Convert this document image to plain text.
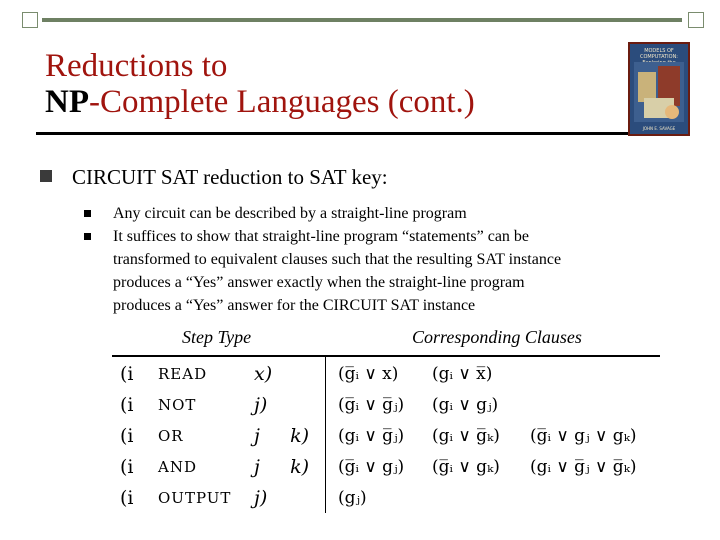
Reductions to
NP-Complete Languages (cont.)
MODELS OF COMPUTATION:
JOHN E. SAVAGE
CIRCUIT SAT reduction to SAT key:
Any circuit can be described by a straight-line program
It suffices to show that straight-line program “statements” can be
transformed to equivalent clauses such that the resulting SAT instance
produces a “Yes” answer exactly when the straight-line program
produces a “Yes” answer for the CIRCUIT SAT instance
Step Type	Corresponding Clauses
(i READ x)	(g̅ᵢ ∨ x) (gᵢ ∨ x̅)
(i NOT	j)	(g̅ᵢ ∨ g̅ⱼ) (gᵢ ∨ gⱼ)
(i OR	j     k) (gᵢ ∨ g̅ⱼ) (gᵢ ∨ g̅ₖ) (g̅ᵢ ∨ gⱼ ∨ gₖ)
(i AND	j     k) (g̅ᵢ ∨ gⱼ) (g̅ᵢ ∨ gₖ) (gᵢ ∨ g̅ⱼ ∨ g̅ₖ)
(i OUTPUT j)	(gⱼ)
